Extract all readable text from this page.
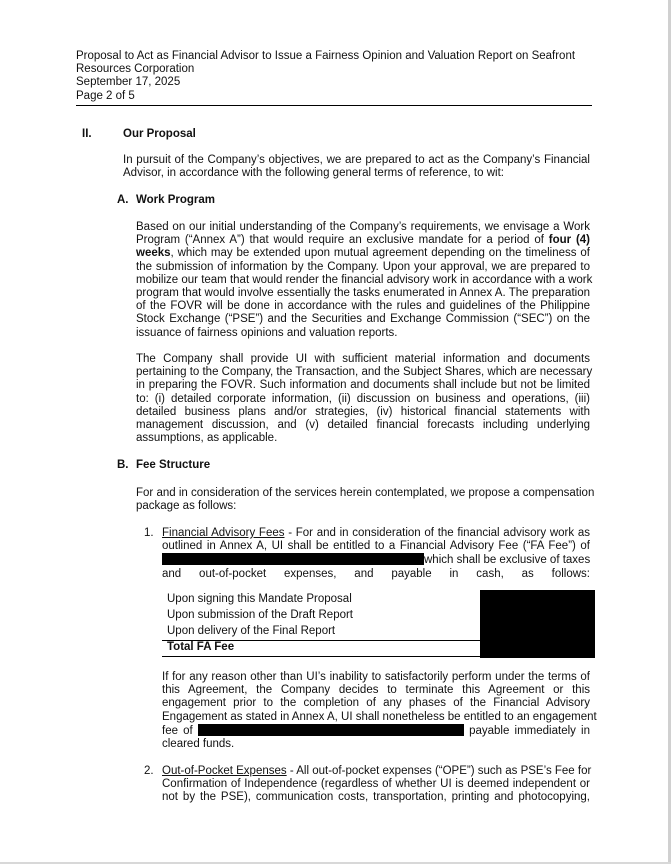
Proposal to Act as Financial Advisor to Issue a Fairness Opinion and Valuation Report on Seafront
Resources Corporation
September 17, 2025
Page 2 of 5
II.	Our Proposal
In pursuit of the Company’s objectives, we are prepared to act as the Company’s Financial
Advisor, in accordance with the following general terms of reference, to wit:
A. Work Program
Based on our initial understanding of the Company’s requirements, we envisage a Work
Program (“Annex A”) that would require an exclusive mandate for a period of four (4)
weeks, which may be extended upon mutual agreement depending on the timeliness of
the submission of information by the Company. Upon your approval, we are prepared to
mobilize our team that would render the financial advisory work in accordance with a work
program that would involve essentially the tasks enumerated in Annex A. The preparation
of the FOVR will be done in accordance with the rules and guidelines of the Philippine
Stock Exchange (“PSE”) and the Securities and Exchange Commission (“SEC”) on the
issuance of fairness opinions and valuation reports.
The Company shall provide UI with sufficient material information and documents
pertaining to the Company, the Transaction, and the Subject Shares, which are necessary
in preparing the FOVR. Such information and documents shall include but not be limited
to: (i) detailed corporate information, (ii) discussion on business and operations, (iii)
detailed business plans and/or strategies, (iv) historical financial statements with
management discussion, and (v) detailed financial forecasts including underlying
assumptions, as applicable.
B. Fee Structure
For and in consideration of the services herein contemplated, we propose a compensation
package as follows:
1. Financial Advisory Fees - For and in consideration of the financial advisory work as
outlined in Annex A, UI shall be entitled to a Financial Advisory Fee (“FA Fee”) of
which shall be exclusive of taxes
and out-of-pocket expenses, and payable in cash, as follows:
Upon signing this Mandate Proposal
Upon submission of the Draft Report
Upon delivery of the Final Report
Total FA Fee
If for any reason other than UI’s inability to satisfactorily perform under the terms of
this Agreement, the Company decides to terminate this Agreement or this
engagement prior to the completion of any phases of the Financial Advisory
Engagement as stated in Annex A, UI shall nonetheless be entitled to an engagement
fee of	payable immediately in
cleared funds.
2. Out-of-Pocket Expenses - All out-of-pocket expenses (“OPE”) such as PSE’s Fee for
Confirmation of Independence (regardless of whether UI is deemed independent or
not by the PSE), communication costs, transportation, printing and photocopying,
